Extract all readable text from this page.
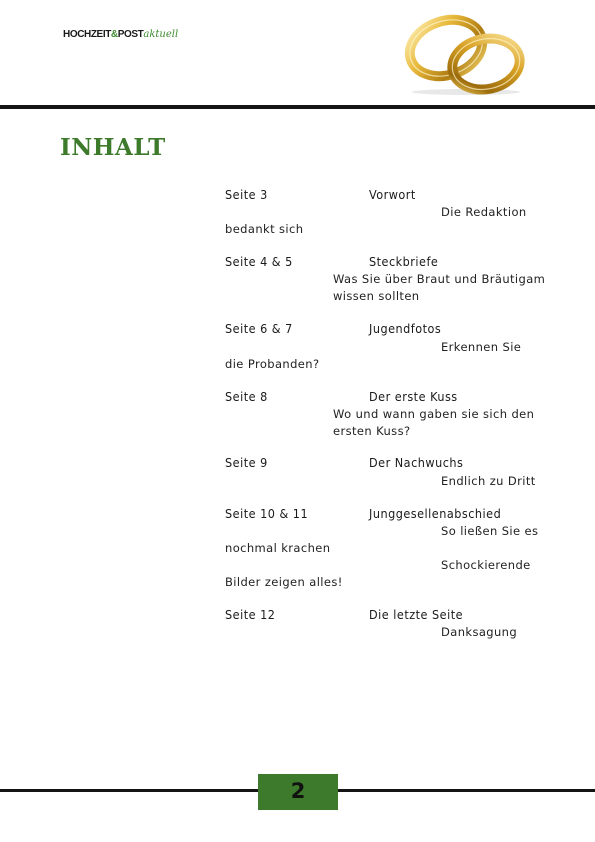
HOCHZEIT&POSTaktuell
INHALT
Seite 3	Vorwort
Die Redaktion
bedankt sich
Seite 4 & 5	Steckbriefe
Was Sie über Braut und Bräutigam
wissen sollten
Seite 6 & 7	Jugendfotos
Erkennen Sie
die Probanden?
Seite 8	Der erste Kuss
Wo und wann gaben sie sich den
ersten Kuss?
Seite 9	Der Nachwuchs
Endlich zu Dritt
Seite 10 & 11	Junggesellenabschied
So ließen Sie es
nochmal krachen
Schockierende
Bilder zeigen alles!
Seite 12	Die letzte Seite
Danksagung
2
